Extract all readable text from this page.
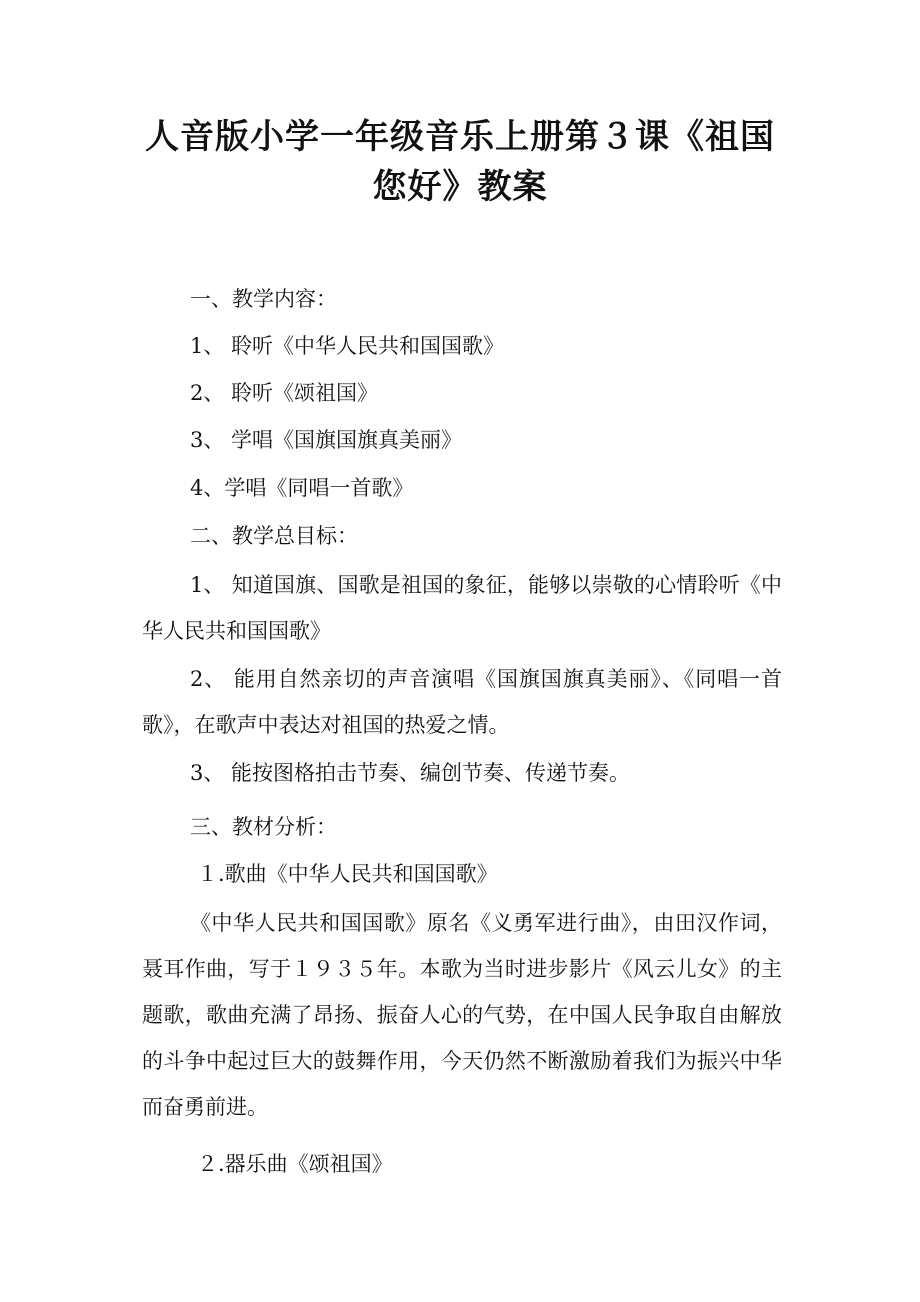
人音版小学一年级音乐上册第３课《祖国 您好》教案

一、教学内容：

1、 聆听《中华人民共和国国歌》

2、 聆听《颂祖国》

3、 学唱《国旗国旗真美丽》

4、学唱《同唱一首歌》

二、教学总目标：

1、 知道国旗、国歌是祖国的象征，能够以崇敬的心情聆听《中华人民共和国国歌》

2、 能用自然亲切的声音演唱《国旗国旗真美丽》、《同唱一首歌》，在歌声中表达对祖国的热爱之情。

3、 能按图格拍击节奏、编创节奏、传递节奏。

三、教材分析：

１.歌曲《中华人民共和国国歌》

《中华人民共和国国歌》原名《义勇军进行曲》，由田汉作词，聂耳作曲，写于１９３５年。本歌为当时进步影片《风云儿女》的主题歌，歌曲充满了昂扬、振奋人心的气势，在中国人民争取自由解放的斗争中起过巨大的鼓舞作用，今天仍然不断激励着我们为振兴中华而奋勇前进。

２.器乐曲《颂祖国》
